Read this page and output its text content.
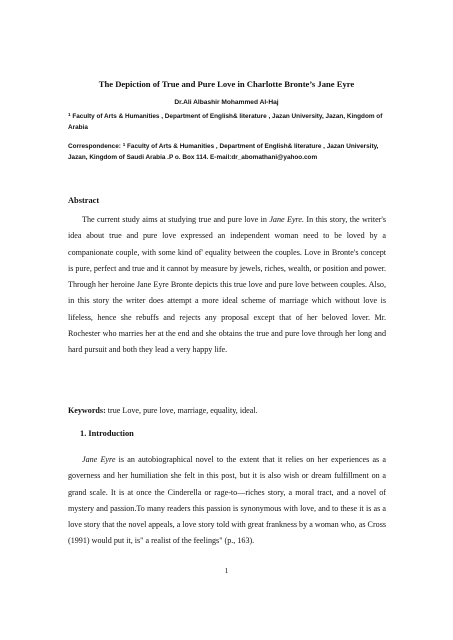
The Depiction of True and Pure Love in Charlotte Bronte’s Jane Eyre
Dr.Ali Albashir Mohammed Al-Haj
$^1$ Faculty of Arts & Humanities , Department of English& literature , Jazan University, Jazan, Kingdom of Arabia
Correspondence: $^1$ Faculty of Arts & Humanities , Department of English& literature , Jazan University, Jazan, Kingdom of Saudi Arabia .P o. Box 114. E-mail:dr_abomathani@yahoo.com
Abstract
The current study aims at studying true and pure love in Jane Eyre. In this story, the writer's idea about true and pure love expressed an independent woman need to be loved by a companionate couple, with some kind of' equality between the couples. Love in Bronte's concept is pure, perfect and true and it cannot by measure by jewels, riches, wealth, or position and power. Through her heroine Jane Eyre Bronte depicts this true love and pure love between couples. Also, in this story the writer does attempt a more ideal scheme of marriage which without love is lifeless, hence she rebuffs and rejects any proposal except that of her beloved lover. Mr. Rochester who marries her at the end and she obtains the true and pure love through her long and hard pursuit and both they lead a very happy life.
Keywords: true Love, pure love, marriage, equality, ideal.
1. Introduction
Jane Eyre is an autobiographical novel to the extent that it relies on her experiences as a governess and her humiliation she felt in this post, but it is also wish or dream fulfillment on a grand scale. It is at once the Cinderella or rage-to—riches story, a moral tract, and a novel of mystery and passion.To many readers this passion is synonymous with love, and to these it is as a love story that the novel appeals, a love story told with great frankness by a woman who, as Cross (1991) would put it, is" a realist of the feelings" (p., 163).
1
